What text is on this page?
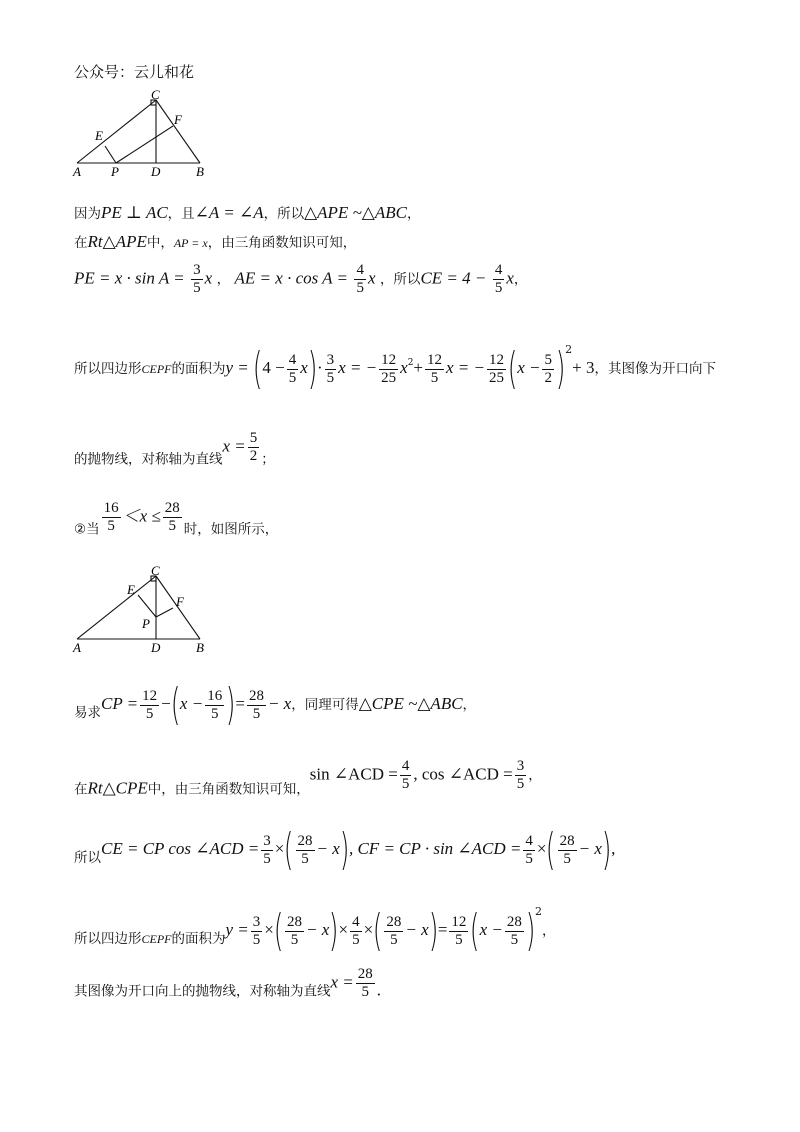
公众号：云儿和花
A P D	B
C
E
F
因为PE ⊥ AC，且∠A = ∠A，所以△APE ~△ABC，
在Rt△APE中，AP = x，由三角函数知识可知，
PE = $x \cdot \sin A = \frac{3}{5}$ x ， AE = $x \cdot \cos A = \frac{4}{5}$ x ，所以CE = $4 - \frac{4}{5}$ x，
所以四边形CEPF的面积为$y = (4 - \frac{4}{5} x)\cdot \frac{3}{5}$ x = − $\frac{12}{25} x^2+ \frac{12}{5}$ x = − $\frac{12}{25} (x - \frac{5}{2} )^2+ 3$，其图像为开口向下
的抛物线，对称轴为直线$x = \frac{5}{2}$ ；
②当 $\frac{16}{5} <x \le \frac{28}{5}$ 时，如图所示，
A	D	B
C
E
F
P
易求CP = $\frac{12}{5} -(x - \frac{16}{5}$ )= $\frac{28}{5} - x$，同理可得△CPE ~△ABC，
在Rt△CPE中，由三角函数知识可知，sin ∠ACD = $\frac{4}{5}$ , cos ∠ACD = $\frac{3}{5}$ ，
所以CE = CP cos ∠ACD = $\frac{3}{5}$ ×( $\frac{28}{5} - x$), CF = CP · sin ∠ACD = $\frac{4}{5}$ ×( $\frac{28}{5} - x$),
所以四边形CEPF的面积为$y = \frac{3}{5}$ ×( $\frac{28}{5} - x)\times \frac{4}{5}$ ×( $\frac{28}{5} - x)= \frac{12}{5} (x - \frac{28}{5} )^2$，
其图像为开口向上的抛物线，对称轴为直线$x = \frac{28}{5}$ .
